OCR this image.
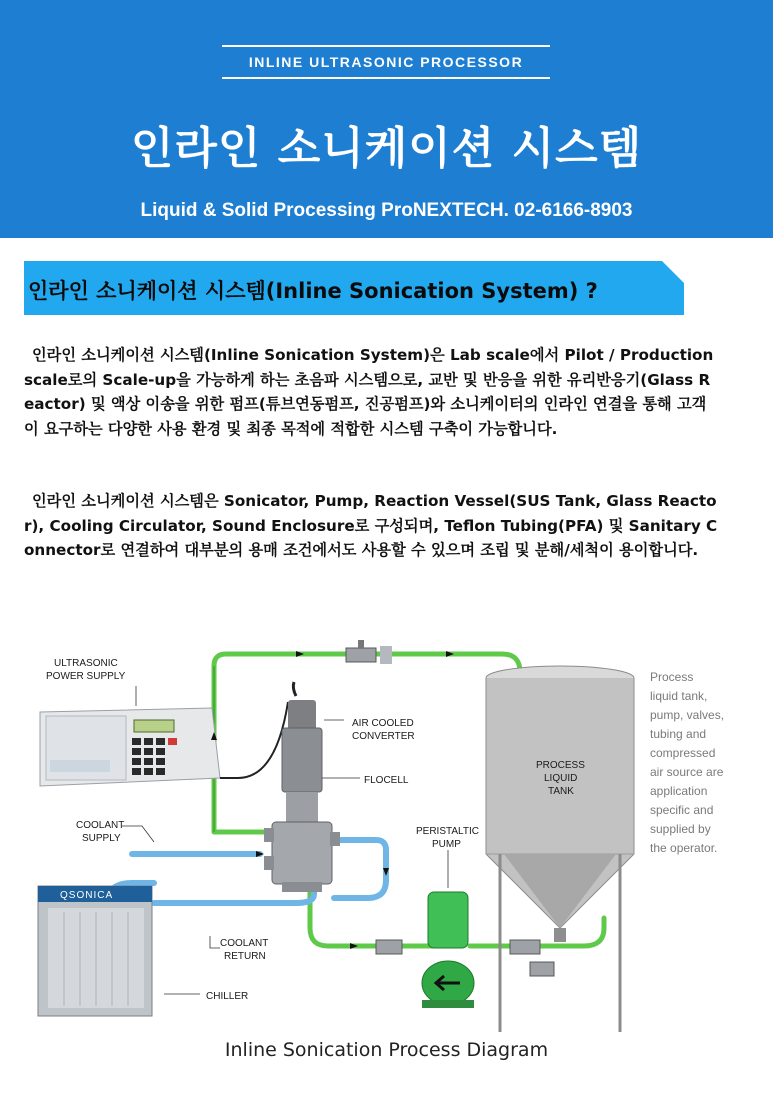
INLINE ULTRASONIC PROCESSOR
인라인 소니케이션 시스템
Liquid & Solid Processing ProNEXTECH. 02-6166-8903
인라인 소니케이션 시스템(Inline Sonication System) ?

인라인 소니케이션 시스템(Inline Sonication System)은 Lab scale에서 Pilot / Production scale로의 Scale-up을 가능하게 하는 초음파 시스템으로, 교반 및 반응을 위한 유리반응기(Glass Reactor) 및 액상 이송을 위한 펌프(튜브연동펌프, 진공펌프)와 소니케이터의 인라인 연결을 통해 고객이 요구하는 다양한 사용 환경 및 최종 목적에 적합한 시스템 구축이 가능합니다.

인라인 소니케이션 시스템은 Sonicator, Pump, Reaction Vessel(SUS Tank, Glass Reactor), Cooling Circulator, Sound Enclosure로 구성되며, Teflon Tubing(PFA) 및 Sanitary Connector로 연결하여 대부분의 용매 조건에서도 사용할 수 있으며 조립 및 분해/세척이 용이합니다.

ULTRASONIC
POWER SUPPLY
AIR COOLED
CONVERTER
FLOCELL
COOLANT
SUPPLY
PERISTALTIC
PUMP
PROCESS
LIQUID
TANK
COOLANT
RETURN
CHILLER
QSONICA
Process
liquid tank,
pump, valves,
tubing and
compressed
air source are
application
specific and
supplied by
the operator.
Inline Sonication Process Diagram
